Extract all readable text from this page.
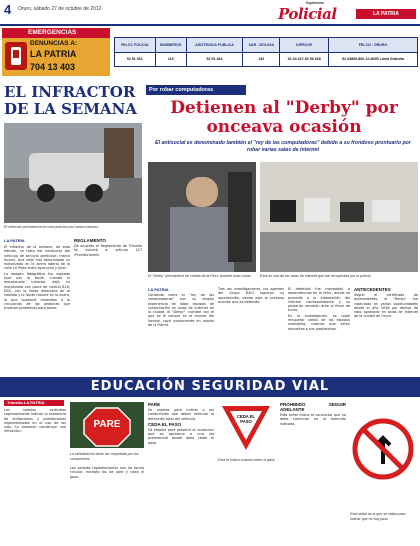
4 Oruro, sábado 27 de octubre de 2012
Suplemento
Policial	LA PATRIA
EMERGENCIAS
DENUNCIAS A:
LA PATRIA
704 13 403
FELCC POLICIA	BOMBEROS	ASISTENCIA PUBLICA	SAR - BOLIVIA	DIPROVE	FELCN - ORURO
52 51 921	119	52 51 464	132	52 34 627-52 56 628	52 63800-800-10-8000 Línea Gratuita
EL INFRACTOR DE LA SEMANA
El vehículo permanecía en una posición por varios minutos.
LA PATRIA

El infractor de la semana, de esta edición, se trata del conductor del vehículo de servicio particular, marca Suzuki, que dejó mal estacionado su motorizado en la acera lateral de la calle La Plata entre Ayacucho y Junín.

La imagen fotográfica fue captada ayer por la tarde, cuando el mencionado infractor dejó su motorizado con placa de control 816-KZX, con la llanta delantera en la calzada y la llanta trasera en la acera, lo que ocasionó molestias a la circulación de los peatones que tuvieron problemas para pasar.

REGLAMENTO

De acuerdo al Reglamento de Tránsito se vulneró el artículo 127 (Prohibiciones).

Por robar computadoras
Detienen al "Derby" por onceava ocasión
El antisocial es denominado también el "rey de las computadoras" debido a su frondoso prontuario por robar varias salas de internet
El "Derby" permaneció en celdas de la Felcc durante unas horas.	Esta es una de las salas de internet que fue recuperada por la policía.
LA PATRIA

Conocido como el "rey de las computadoras" por su amplia experiencia de robar equipos de computación en salas de internet de la ciudad, el "Derby", nombre con el que se le conoce en el mundo del hampa, cayó nuevamente en manos de la Policía.

Tras las investigaciones, los agentes del Grupo DACI lograron su aprehensión, siendo esta la onceava ocasión que es detenido.

El detenido fue trasladado a dependencias de la Felcc, donde se procedió a la elaboración del informe correspondiente y su posterior remisión ante el fiscal de turno.

En la investigación, se logró recuperar varios de los equipos sustraídos, mismos que serán devueltos a sus propietarios.

ANTECEDENTES

Según el certificado de antecedentes, el "Derby" fue capturado en varias oportunidades desde el año 2008 por delitos de robo agravado en salas de internet de la ciudad de Oruro.

EDUCACIÓN SEGURIDAD VIAL
Tránsito-LA PATRIA

Las señales verticales reglamentarias indican la existencia de limitaciones y prohibiciones reglamentadas en el uso de las vías. Su violación constituye una infracción.

PARE
La señalización debe ser respetada por los conductores

Las señales reglamentarias son de forma circular, excepto las de pare y ceda el paso.

PARE

Se emplea para indicar a los conductores que deben efectuar la detención total del vehículo.

CEDA EL PASO

Se emplea para prevenir al conductor que se aproxima a una vía preferencial donde debe ceder el paso.

CEDA EL PASO
Esta te indica cuándo ceder el paso

PROHIBIDO SEGUIR ADELANTE

Esta señal indica al conductor que no debe continuar en la dirección indicada.

Esta señal es la que se utiliza para indicar que no hay paso
